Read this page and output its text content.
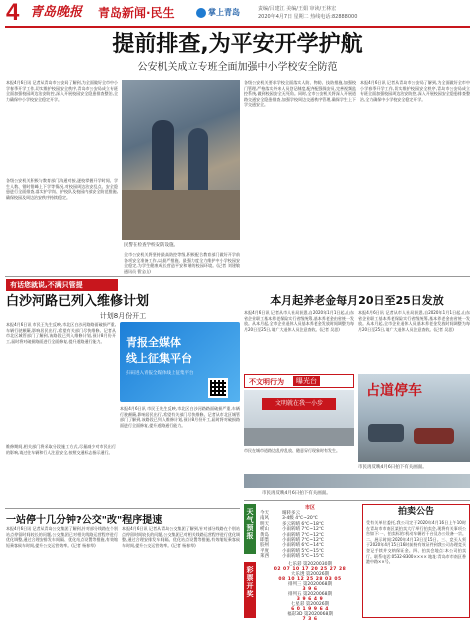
4 青岛晚报 青岛新闻·民生	掌上青岛	责编/吕建江 美编/王娟 审读/王林宏
2020年4月7日 星期二 热线电话:82888000
提前排查,为平安开学护航
公安机关成立专班全面加强中小学校安全防范
本报4月6日讯 记者从青岛市公安局了解到,为全面做好全市中小学春季开学工作,切实维护校园安全秩序,青岛市公安局成立专班全面加强校园周边治安防控,深入开展校园安全隐患排查整治,全力确保中小学校安全稳定开学。
各级公安机关积极与教育部门沟通对接,逐校掌握开学时间、学生人数、错时错峰上下学等情况,对校园周边治安乱点、安全隐患进行全面排查,落实护学岗、护校队及校园内部安全防范措施,确保校园及周边治安秩序持续稳定。
民警在检查学校安防设施。
全市公安机关将坚持最高防控等级,积极配合教育部门做好开学前各项安全准备工作,以最严措施、最强力度全力维护中小学校园安全稳定,为学生健康成长营造平安和谐的校园环境。(记者 刘建敏 通讯员 曹宝山)
各级公安机关要求学校全面落实人防、物防、技防措施,加强校门管理,严格落实外来人员登记制度,配齐配强保安员,完善视频监控系统,做到校园安全无死角。同时,全市公安机关将深入开展道路交通安全隐患排查,加强学校周边交通秩序管理,确保学生上下学交通安全。
本报4月6日讯 记者从青岛市公安局了解到,为全面做好全市中小学春季开学工作,切实维护校园安全秩序,青岛市公安局成立专班全面加强校园周边治安防控,深入开展校园安全隐患排查整治,全力确保中小学校安全稳定开学。
有话您就说,不满只管提
白沙河路已列入维修计划
计划8月份开工
本报4月6日讯 市民王先生反映,市北区白沙河路路面破损严重,车辆行驶颠簸,影响居民出行,希望有关部门尽快维修。记者从市北区城管部门了解到,该路段已列入维修计划,预计8月份开工,届时将对破损路面进行全面修复,提升道路通行能力。
维修期间,相关部门将采取分段施工方式,尽量减少对市民出行的影响,请过往车辆和行人注意安全,按照交通标志指示通行。
青报全媒体
线上征集平台
扫码进入青报全媒体线上征集平台
本报4月6日讯 市民王先生反映,市北区白沙河路路面破损严重,车辆行驶颠簸,影响居民出行,希望有关部门尽快维修。记者从市北区城管部门了解到,该路段已列入维修计划,预计8月份开工,届时将对破损路面进行全面修复,提升道路通行能力。
一站停十几分钟?公交"改"程序提速
本报4月6日讯 记者从青岛公交集团了解到,针对部分线路在个别站点停留时间较长的问题,公交集团已对相关线路运营程序进行优化调整,通过合理安排发车间隔、优化站点设置等措施,有效缩短乘客候车时间,提升公交运营效率。(记者 杨春草)
本报4月6日讯 记者从青岛公交集团了解到,针对部分线路在个别站点停留时间较长的问题,公交集团已对相关线路运营程序进行优化调整,通过合理安排发车间隔、优化站点设置等措施,有效缩短乘客候车时间,提升公交运营效率。(记者 杨春草)
本月起养老金每月20日至25日发放
本报4月6日讯 记者从市人社局获悉,自2020年1月1日起,山东省企业职工基本养老保险实行省级统筹,基本养老金由省统一发放。从本月起,全市企业退休人员基本养老金发放时间调整为每月20日至25日,请广大退休人员注意查收。(记者 吴思)
本报4月6日讯 记者从市人社局获悉,自2020年1月1日起,山东省企业职工基本养老保险实行省级统筹,基本养老金由省统一发放。从本月起,全市企业退休人员基本养老金发放时间调整为每月20日至25日,请广大退休人员注意查收。(记者 吴思)
不文明行为	曝光台
文明就在我一小步
市民在城市道路边乱停乱放、随意穿行现象时有发生。
占道停车
市民再反映4月6日拍下有关画面。
市民再反映4月6日拍下有关画面。
天气预报
市区
今天	晴转多云
南风	3-4级 4℃~20℃
明天	多云转晴 6℃~18℃
崂山	小雨转晴 7℃~12℃
黄岛	小雨转晴 7℃~12℃
即墨	小雨转晴 7℃~12℃
胶州	小雨转晴 6℃~14℃
平度	小雨转晴 5℃~15℃
莱西	小雨转晴 5℃~15℃
彩票开奖
七乐彩 第2020030期
02 07 10 17 20 25 27 28
大乐透 第20026期
08 10 12 25 28 03 05
排列三 第2020068期
3 9 6
排列五 第2020068期
3 9 6 4 9
七星彩 第20026期
6 0 1 9 9 6 4
福彩3D 第2020068期
7 3 6
拍卖公告
受有关单位委托,我公司定于2020年4月16日上午10时在青岛市市南区某拍卖大厅举行拍卖会,现将有关事项公告如下:一、拍卖标的:机动车辆若干台及办公设备一宗。二、展示时间:2020年4月13日至15日。三、竞买人须于2020年4月15日16时前持有效证件到我公司办理竞买登记手续并交纳保证金。四、拍卖会地点:本公司拍卖厅。联系电话:0532-8300×××× 地址:青岛市市南区香港中路××号。
